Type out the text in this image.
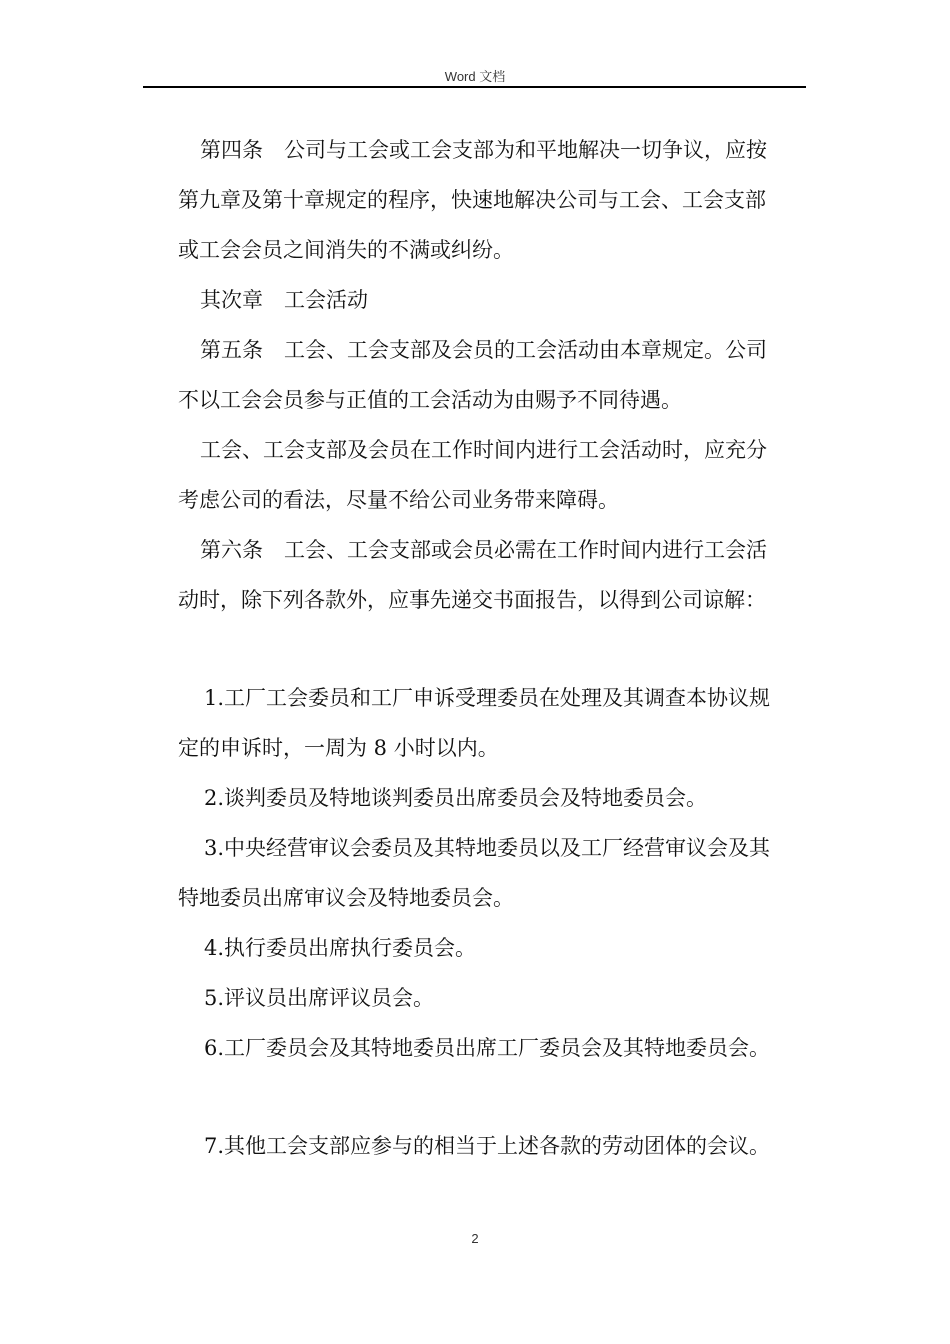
Word 文档
第四条　公司与工会或工会支部为和平地解决一切争议，应按
第九章及第十章规定的程序，快速地解决公司与工会、工会支部
或工会会员之间消失的不满或纠纷。
其次章　工会活动
第五条　工会、工会支部及会员的工会活动由本章规定。公司
不以工会会员参与正值的工会活动为由赐予不同待遇。
工会、工会支部及会员在工作时间内进行工会活动时，应充分
考虑公司的看法，尽量不给公司业务带来障碍。
第六条　工会、工会支部或会员必需在工作时间内进行工会活
动时，除下列各款外，应事先递交书面报告，以得到公司谅解：
1.工厂工会委员和工厂申诉受理委员在处理及其调查本协议规
定的申诉时，一周为 8 小时以内。
2.谈判委员及特地谈判委员出席委员会及特地委员会。
3.中央经营审议会委员及其特地委员以及工厂经营审议会及其
特地委员出席审议会及特地委员会。
4.执行委员出席执行委员会。
5.评议员出席评议员会。
6.工厂委员会及其特地委员出席工厂委员会及其特地委员会。
7.其他工会支部应参与的相当于上述各款的劳动团体的会议。
2
